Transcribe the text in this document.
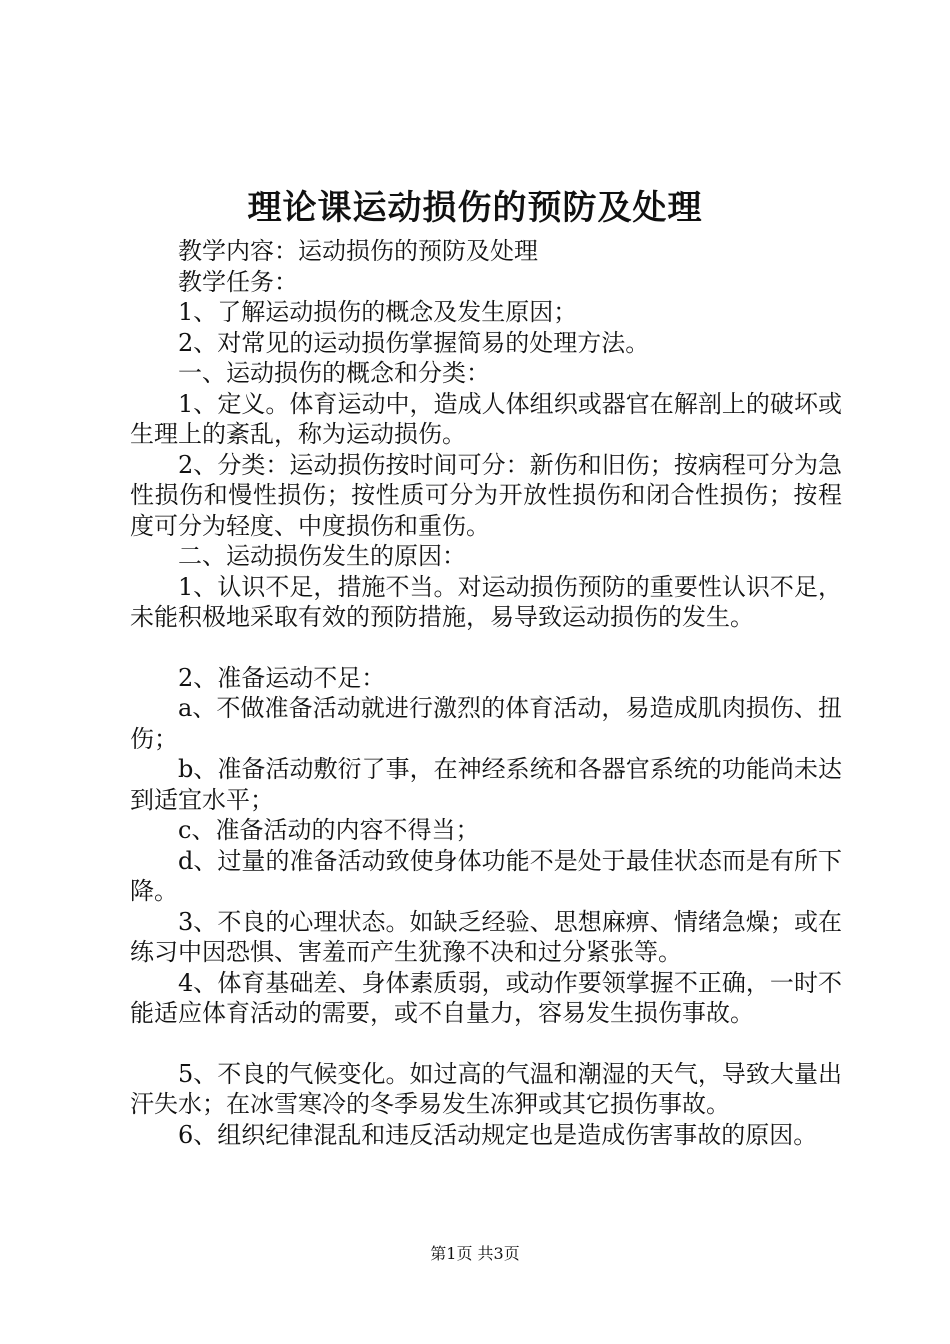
理论课运动损伤的预防及处理

教学内容：运动损伤的预防及处理

教学任务：

1、了解运动损伤的概念及发生原因；

2、对常见的运动损伤掌握简易的处理方法。

一、运动损伤的概念和分类：

1、定义。体育运动中，造成人体组织或器官在解剖上的破坏或生理上的紊乱，称为运动损伤。

2、分类：运动损伤按时间可分：新伤和旧伤；按病程可分为急性损伤和慢性损伤；按性质可分为开放性损伤和闭合性损伤；按程度可分为轻度、中度损伤和重伤。

二、运动损伤发生的原因：

1、认识不足，措施不当。对运动损伤预防的重要性认识不足，未能积极地采取有效的预防措施，易导致运动损伤的发生。

2、准备运动不足：

a、不做准备活动就进行激烈的体育活动，易造成肌肉损伤、扭伤；

b、准备活动敷衍了事，在神经系统和各器官系统的功能尚未达到适宜水平；

c、准备活动的内容不得当；

d、过量的准备活动致使身体功能不是处于最佳状态而是有所下降。

3、不良的心理状态。如缺乏经验、思想麻痹、情绪急燥；或在练习中因恐惧、害羞而产生犹豫不决和过分紧张等。

4、体育基础差、身体素质弱，或动作要领掌握不正确，一时不能适应体育活动的需要，或不自量力，容易发生损伤事故。

5、不良的气候变化。如过高的气温和潮湿的天气，导致大量出汗失水；在冰雪寒冷的冬季易发生冻狎或其它损伤事故。

6、组织纪律混乱和违反活动规定也是造成伤害事故的原因。

第1页 共3页
